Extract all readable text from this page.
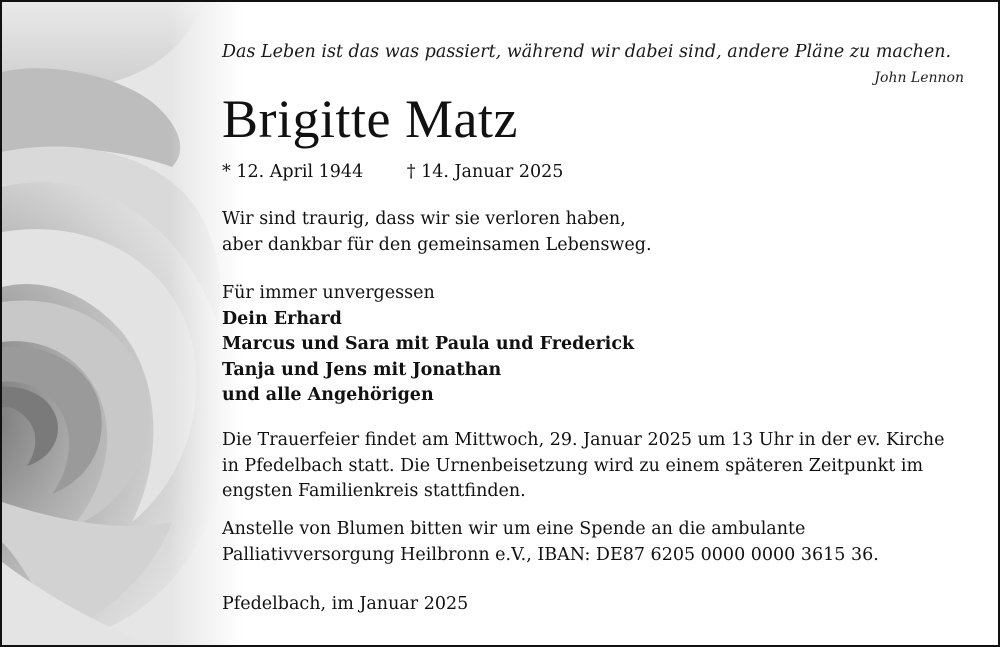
Das Leben ist das was passiert, während wir dabei sind, andere Pläne zu machen.
John Lennon
Brigitte Matz
* 12. April 1944 † 14. Januar 2025
Wir sind traurig, dass wir sie verloren haben,
aber dankbar für den gemeinsamen Lebensweg.
Für immer unvergessen
Dein Erhard
Marcus und Sara mit Paula und Frederick
Tanja und Jens mit Jonathan
und alle Angehörigen
Die Trauerfeier findet am Mittwoch, 29. Januar 2025 um 13 Uhr in der ev. Kirche
in Pfedelbach statt. Die Urnenbeisetzung wird zu einem späteren Zeitpunkt im
engsten Familienkreis stattfinden.
Anstelle von Blumen bitten wir um eine Spende an die ambulante
Palliativversorgung Heilbronn e.V., IBAN: DE87 6205 0000 0000 3615 36.
Pfedelbach, im Januar 2025
